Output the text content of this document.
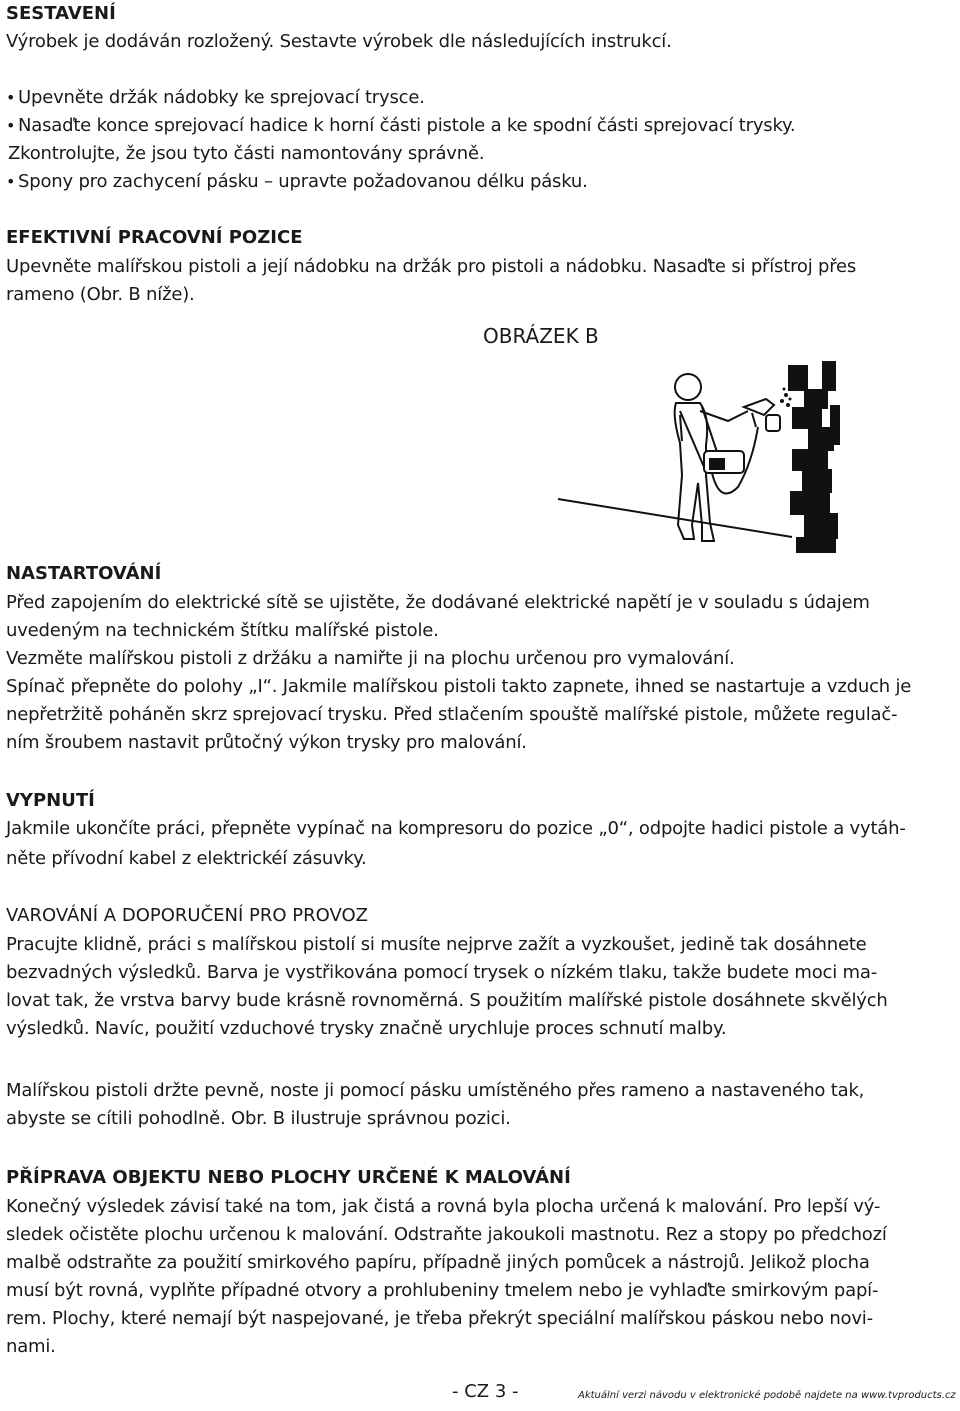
SESTAVENÍ
Výrobek je dodáván rozložený. Sestavte výrobek dle následujících instrukcí.
• Upevněte držák nádobky ke sprejovací trysce.
• Nasaďte konce sprejovací hadice k horní části pistole a ke spodní části sprejovací trysky.
Zkontrolujte, že jsou tyto části namontovány správně.
• Spony pro zachycení pásku – upravte požadovanou délku pásku.
EFEKTIVNÍ PRACOVNÍ POZICE
Upevněte malířskou pistoli a její nádobku na držák pro pistoli a nádobku. Nasaďte si přístroj přes
rameno (Obr. B níže).
OBRÁZEK B
NASTARTOVÁNÍ
Před zapojením do elektrické sítě se ujistěte, že dodávané elektrické napětí je v souladu s údajem
uvedeným na technickém štítku malířské pistole.
Vezměte malířskou pistoli z držáku a namiřte ji na plochu určenou pro vymalování.
Spínač přepněte do polohy „I“. Jakmile malířskou pistoli takto zapnete, ihned se nastartuje a vzduch je
nepřetržitě poháněn skrz sprejovací trysku. Před stlačením spouště malířské pistole, můžete regulač-
ním šroubem nastavit průtočný výkon trysky pro malování.
VYPNUTÍ
Jakmile ukončíte práci, přepněte vypínač na kompresoru do pozice „0“, odpojte hadici pistole a vytáh-
něte přívodní kabel z elektrickéí zásuvky.
VAROVÁNÍ A DOPORUČENÍ PRO PROVOZ
Pracujte klidně, práci s malířskou pistolí si musíte nejprve zažít a vyzkoušet, jedině tak dosáhnete
bezvadných výsledků. Barva je vystřikována pomocí trysek o nízkém tlaku, takže budete moci ma-
lovat tak, že vrstva barvy bude krásně rovnoměrná. S použitím malířské pistole dosáhnete skvělých
výsledků. Navíc, použití vzduchové trysky značně urychluje proces schnutí malby.
Malířskou pistoli držte pevně, noste ji pomocí pásku umístěného přes rameno a nastaveného tak,
abyste se cítili pohodlně. Obr. B ilustruje správnou pozici.
PŘÍPRAVA OBJEKTU NEBO PLOCHY URČENÉ K MALOVÁNÍ
Konečný výsledek závisí také na tom, jak čistá a rovná byla plocha určená k malování. Pro lepší vý-
sledek očistěte plochu určenou k malování. Odstraňte jakoukoli mastnotu. Rez a stopy po předchozí
malbě odstraňte za použití smirkového papíru, případně jiných pomůcek a nástrojů. Jelikož plocha
musí být rovná, vyplňte případné otvory a prohlubeniny tmelem nebo je vyhlaďte smirkovým papí-
rem. Plochy, které nemají být naspejované, je třeba překrýt speciální malířskou páskou nebo novi-
nami.
- CZ 3 -	Aktuální verzi návodu v elektronické podobě najdete na www.tvproducts.cz
